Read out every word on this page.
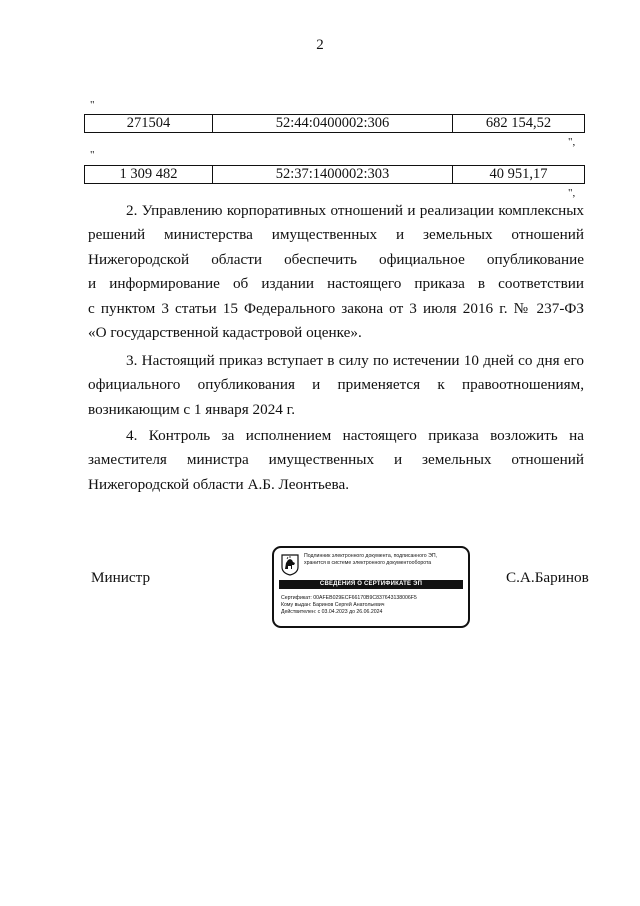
2
"
271504	52:44:0400002:306	682 154,52
",
"
1 309 482	52:37:1400002:303	40 951,17
",
2. Управлению корпоративных отношений и реализации комплексных
решений министерства имущественных и земельных отношений
Нижегородской области обеспечить официальное опубликование
и информирование об издании настоящего приказа в соответствии
с пунктом 3 статьи 15 Федерального закона от 3 июля 2016 г. № 237-ФЗ
«О государственной кадастровой оценке».
3. Настоящий приказ вступает в силу по истечении 10 дней со дня его
официального опубликования и применяется к правоотношениям,
возникающим с 1 января 2024 г.
4. Контроль за исполнением настоящего приказа возложить на
заместителя министра имущественных и земельных отношений
Нижегородской области А.Б. Леонтьева.
Министр	С.А.Баринов
Подлинник электронного документа, подписанного ЭП,
хранится в системе электронного документооборота
СВЕДЕНИЯ О СЕРТИФИКАТЕ ЭП
Сертификат: 00AFEB029ECF66170B9C837643138006F5
Кому выдан: Баринов Сергей Анатольевич
Действителен: с 03.04.2023 до 26.06.2024
